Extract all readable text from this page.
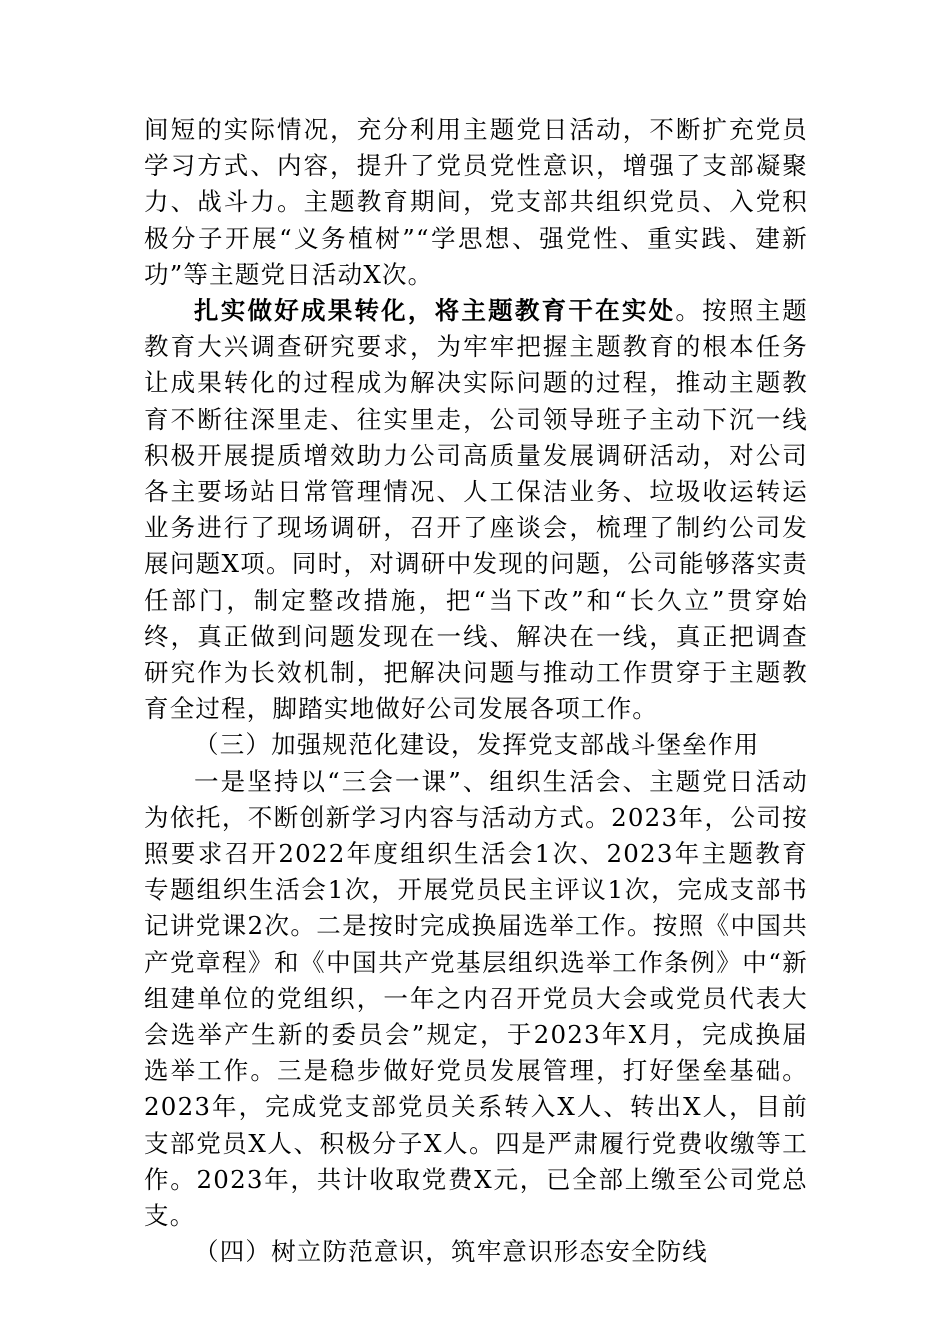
间短的实际情况，充分利用主题党日活动，不断扩充党员学习方式、内容，提升了党员党性意识，增强了支部凝聚力、战斗力。主题教育期间，党支部共组织党员、入党积极分子开展“义务植树”“学思想、强党性、重实践、建新功”等主题党日活动X次。

扎实做好成果转化，将主题教育干在实处。按照主题教育大兴调查研究要求，为牢牢把握主题教育的根本任务让成果转化的过程成为解决实际问题的过程，推动主题教育不断往深里走、往实里走，公司领导班子主动下沉一线积极开展提质增效助力公司高质量发展调研活动，对公司各主要场站日常管理情况、人工保洁业务、垃圾收运转运业务进行了现场调研，召开了座谈会，梳理了制约公司发展问题X项。同时，对调研中发现的问题，公司能够落实责任部门，制定整改措施，把“当下改”和“长久立”贯穿始终，真正做到问题发现在一线、解决在一线，真正把调查研究作为长效机制，把解决问题与推动工作贯穿于主题教育全过程，脚踏实地做好公司发展各项工作。

（三）加强规范化建设，发挥党支部战斗堡垒作用

一是坚持以“三会一课”、组织生活会、主题党日活动为依托，不断创新学习内容与活动方式。2023年，公司按照要求召开2022年度组织生活会1次、2023年主题教育专题组织生活会1次，开展党员民主评议1次，完成支部书记讲党课2次。二是按时完成换届选举工作。按照《中国共产党章程》和《中国共产党基层组织选举工作条例》中“新组建单位的党组织，一年之内召开党员大会或党员代表大会选举产生新的委员会”规定，于2023年X月，完成换届选举工作。三是稳步做好党员发展管理，打好堡垒基础。2023年，完成党支部党员关系转入X人、转出X人，目前支部党员X人、积极分子X人。四是严肃履行党费收缴等工作。2023年，共计收取党费X元，已全部上缴至公司党总支。

（四）树立防范意识，筑牢意识形态安全防线
